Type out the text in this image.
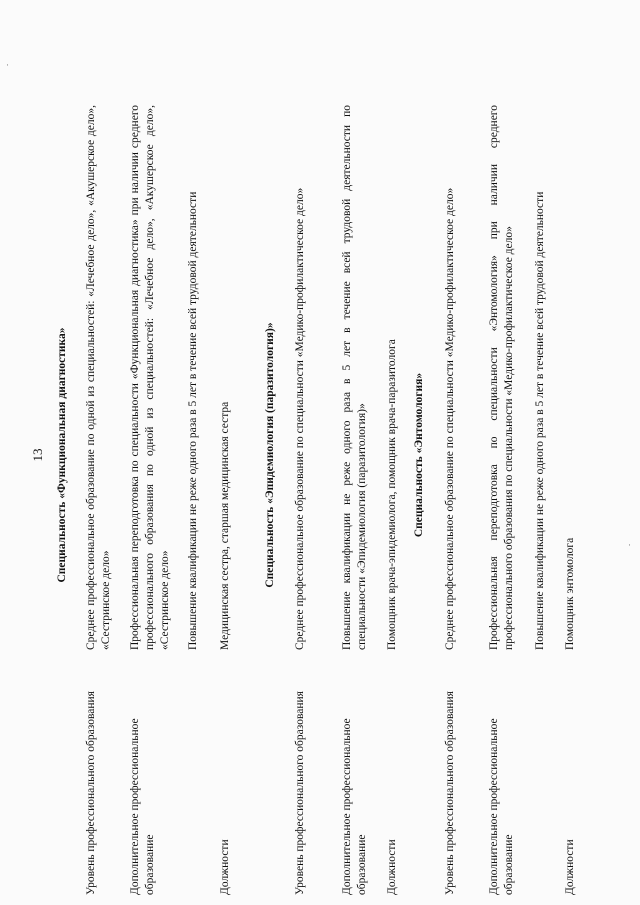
·
·
13 Специальность «Функциональная диагностика»
Уровень профессионального образования
Среднее профессиональное образование по одной из специальностей: «Лечебное дело», «Акушерское дело», «Сестринское дело»
Дополнительное профессиональное образование
Профессиональная переподготовка по специальности «Функциональная диагностика» при наличии среднего профессионального образования по одной из специальностей: «Лечебное дело», «Акушерское дело», «Сестринское дело» Повышение квалификации не реже одного раза в 5 лет в течение всей трудовой деятельности
Должности
Медицинская сестра, старшая медицинская сестра	Специальность «Эпидемиология (паразитология)»
Уровень профессионального образования
Среднее профессиональное образование по специальности «Медико-профилактическое дело»
Дополнительное профессиональное образование
Повышение квалификации не реже одного раза в 5 лет в течение всей трудовой деятельности по специальности «Эпидемиология (паразитология)»
Должности
Помощник врача-эпидемиолога, помощник врача-паразитолога Специальность «Энтомология»
Уровень профессионального образования
Среднее профессиональное образование по специальности «Медико-профилактическое дело»
Дополнительное профессиональное образование
Профессиональная переподготовка по специальности «Энтомология» при наличии среднего профессионального образования по специальности «Медико-профилактическое дело» Повышение квалификации не реже одного раза в 5 лет в течение всей трудовой деятельности
Должности
Помощник энтомолога
